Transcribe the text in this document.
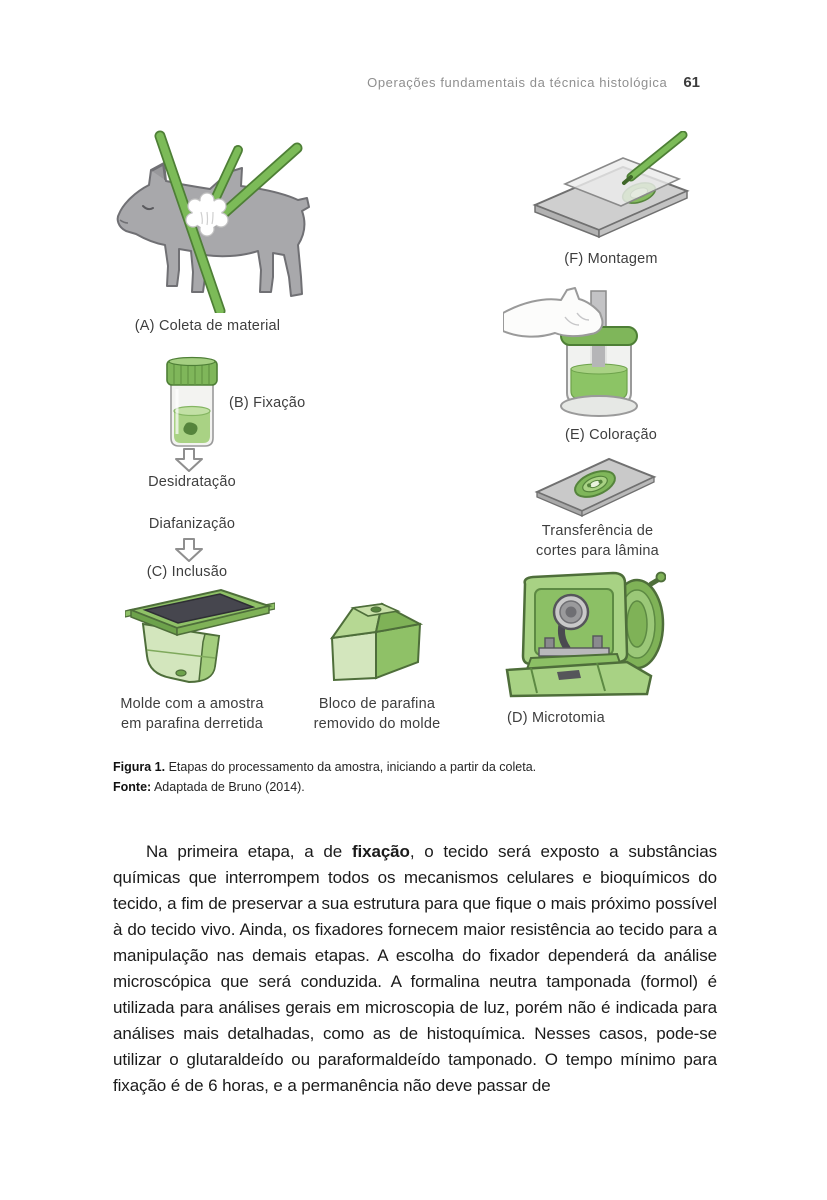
Operações fundamentais da técnica histológica 61
(A) Coleta de material
(B) Fixação
Desidratação
Diafanização
(C) Inclusão
Molde com a amostra
em parafina derretida
Bloco de parafina
removido do molde
(F) Montagem
(E) Coloração
Transferência de
cortes para lâmina
(D) Microtomia
Figura 1. Etapas do processamento da amostra, iniciando a partir da coleta.
Fonte: Adaptada de Bruno (2014).

Na primeira etapa, a de fixação, o tecido será exposto a substâncias químicas que interrompem todos os mecanismos celulares e bioquímicos do tecido, a fim de preservar a sua estrutura para que fique o mais próximo possível à do tecido vivo. Ainda, os fixadores fornecem maior resistência ao tecido para a manipulação nas demais etapas. A escolha do fixador dependerá da análise microscópica que será conduzida. A formalina neutra tamponada (formol) é utilizada para análises gerais em microscopia de luz, porém não é indicada para análises mais detalhadas, como as de histoquímica. Nesses casos, pode-se utilizar o glutaraldeído ou paraformaldeído tamponado. O tempo mínimo para fixação é de 6 horas, e a permanência não deve passar de
